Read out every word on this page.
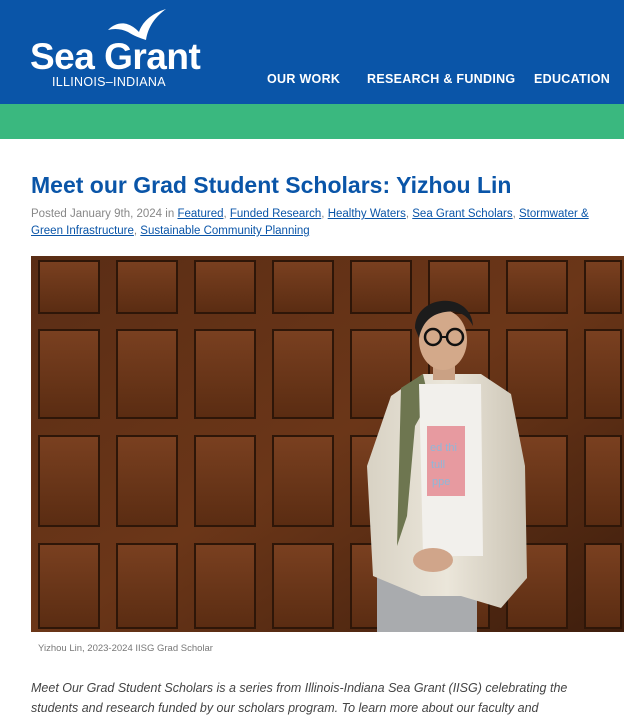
Sea Grant
ILLINOIS–INDIANA	OUR WORK RESEARCH & FUNDING EDUCATION
Meet our Grad Student Scholars: Yizhou Lin
Posted January 9th, 2024 in Featured, Funded Research, Healthy Waters, Sea Grant Scholars, Stormwater & Green Infrastructure, Sustainable Community Planning
ed thi
tull
ppe
Yizhou Lin, 2023-2024 IISG Grad Scholar

Meet Our Grad Student Scholars is a series from Illinois-Indiana Sea Grant (IISG) celebrating the students and research funded by our scholars program. To learn more about our faculty and
